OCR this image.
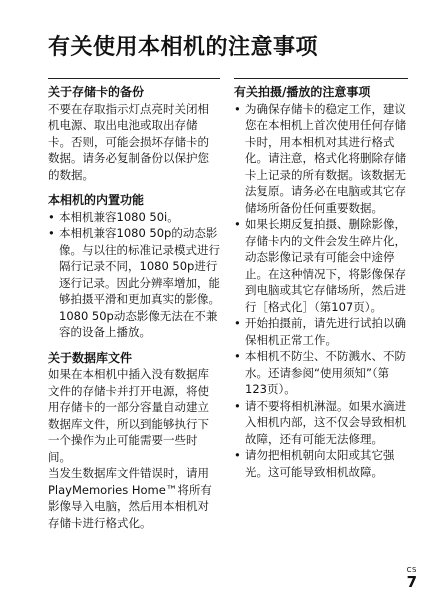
有关使用本相机的注意事项
关于存储卡的备份

不要在存取指示灯点亮时关闭相机电源、取出电池或取出存储卡。否则，可能会损坏存储卡的数据。请务必复制备份以保护您的数据。

本相机的内置功能

• 本相机兼容1080 50i。

• 本相机兼容1080 50p的动态影像。与以往的标准记录模式进行隔行记录不同，1080 50p进行逐行记录。因此分辨率增加，能够拍摄平滑和更加真实的影像。1080 50p动态影像无法在不兼容的设备上播放。

关于数据库文件

如果在本相机中插入没有数据库文件的存储卡并打开电源，将使用存储卡的一部分容量自动建立数据库文件，所以到能够执行下一个操作为止可能需要一些时间。

当发生数据库文件错误时，请用PlayMemories Home™将所有影像导入电脑，然后用本相机对存储卡进行格式化。

有关拍摄/播放的注意事项

• 为确保存储卡的稳定工作，建议您在本相机上首次使用任何存储卡时，用本相机对其进行格式化。请注意，格式化将删除存储卡上记录的所有数据。该数据无法复原。请务必在电脑或其它存储场所备份任何重要数据。

• 如果长期反复拍摄、删除影像，存储卡内的文件会发生碎片化，动态影像记录有可能会中途停止。在这种情况下，将影像保存到电脑或其它存储场所，然后进行［格式化］（第107页）。

• 开始拍摄前，请先进行试拍以确保相机正常工作。

• 本相机不防尘、不防溅水、不防水。还请参阅“使用须知”（第123页）。

• 请不要将相机淋湿。如果水滴进入相机内部，这不仅会导致相机故障，还有可能无法修理。

• 请勿把相机朝向太阳或其它强光。这可能导致相机故障。

CS
7
